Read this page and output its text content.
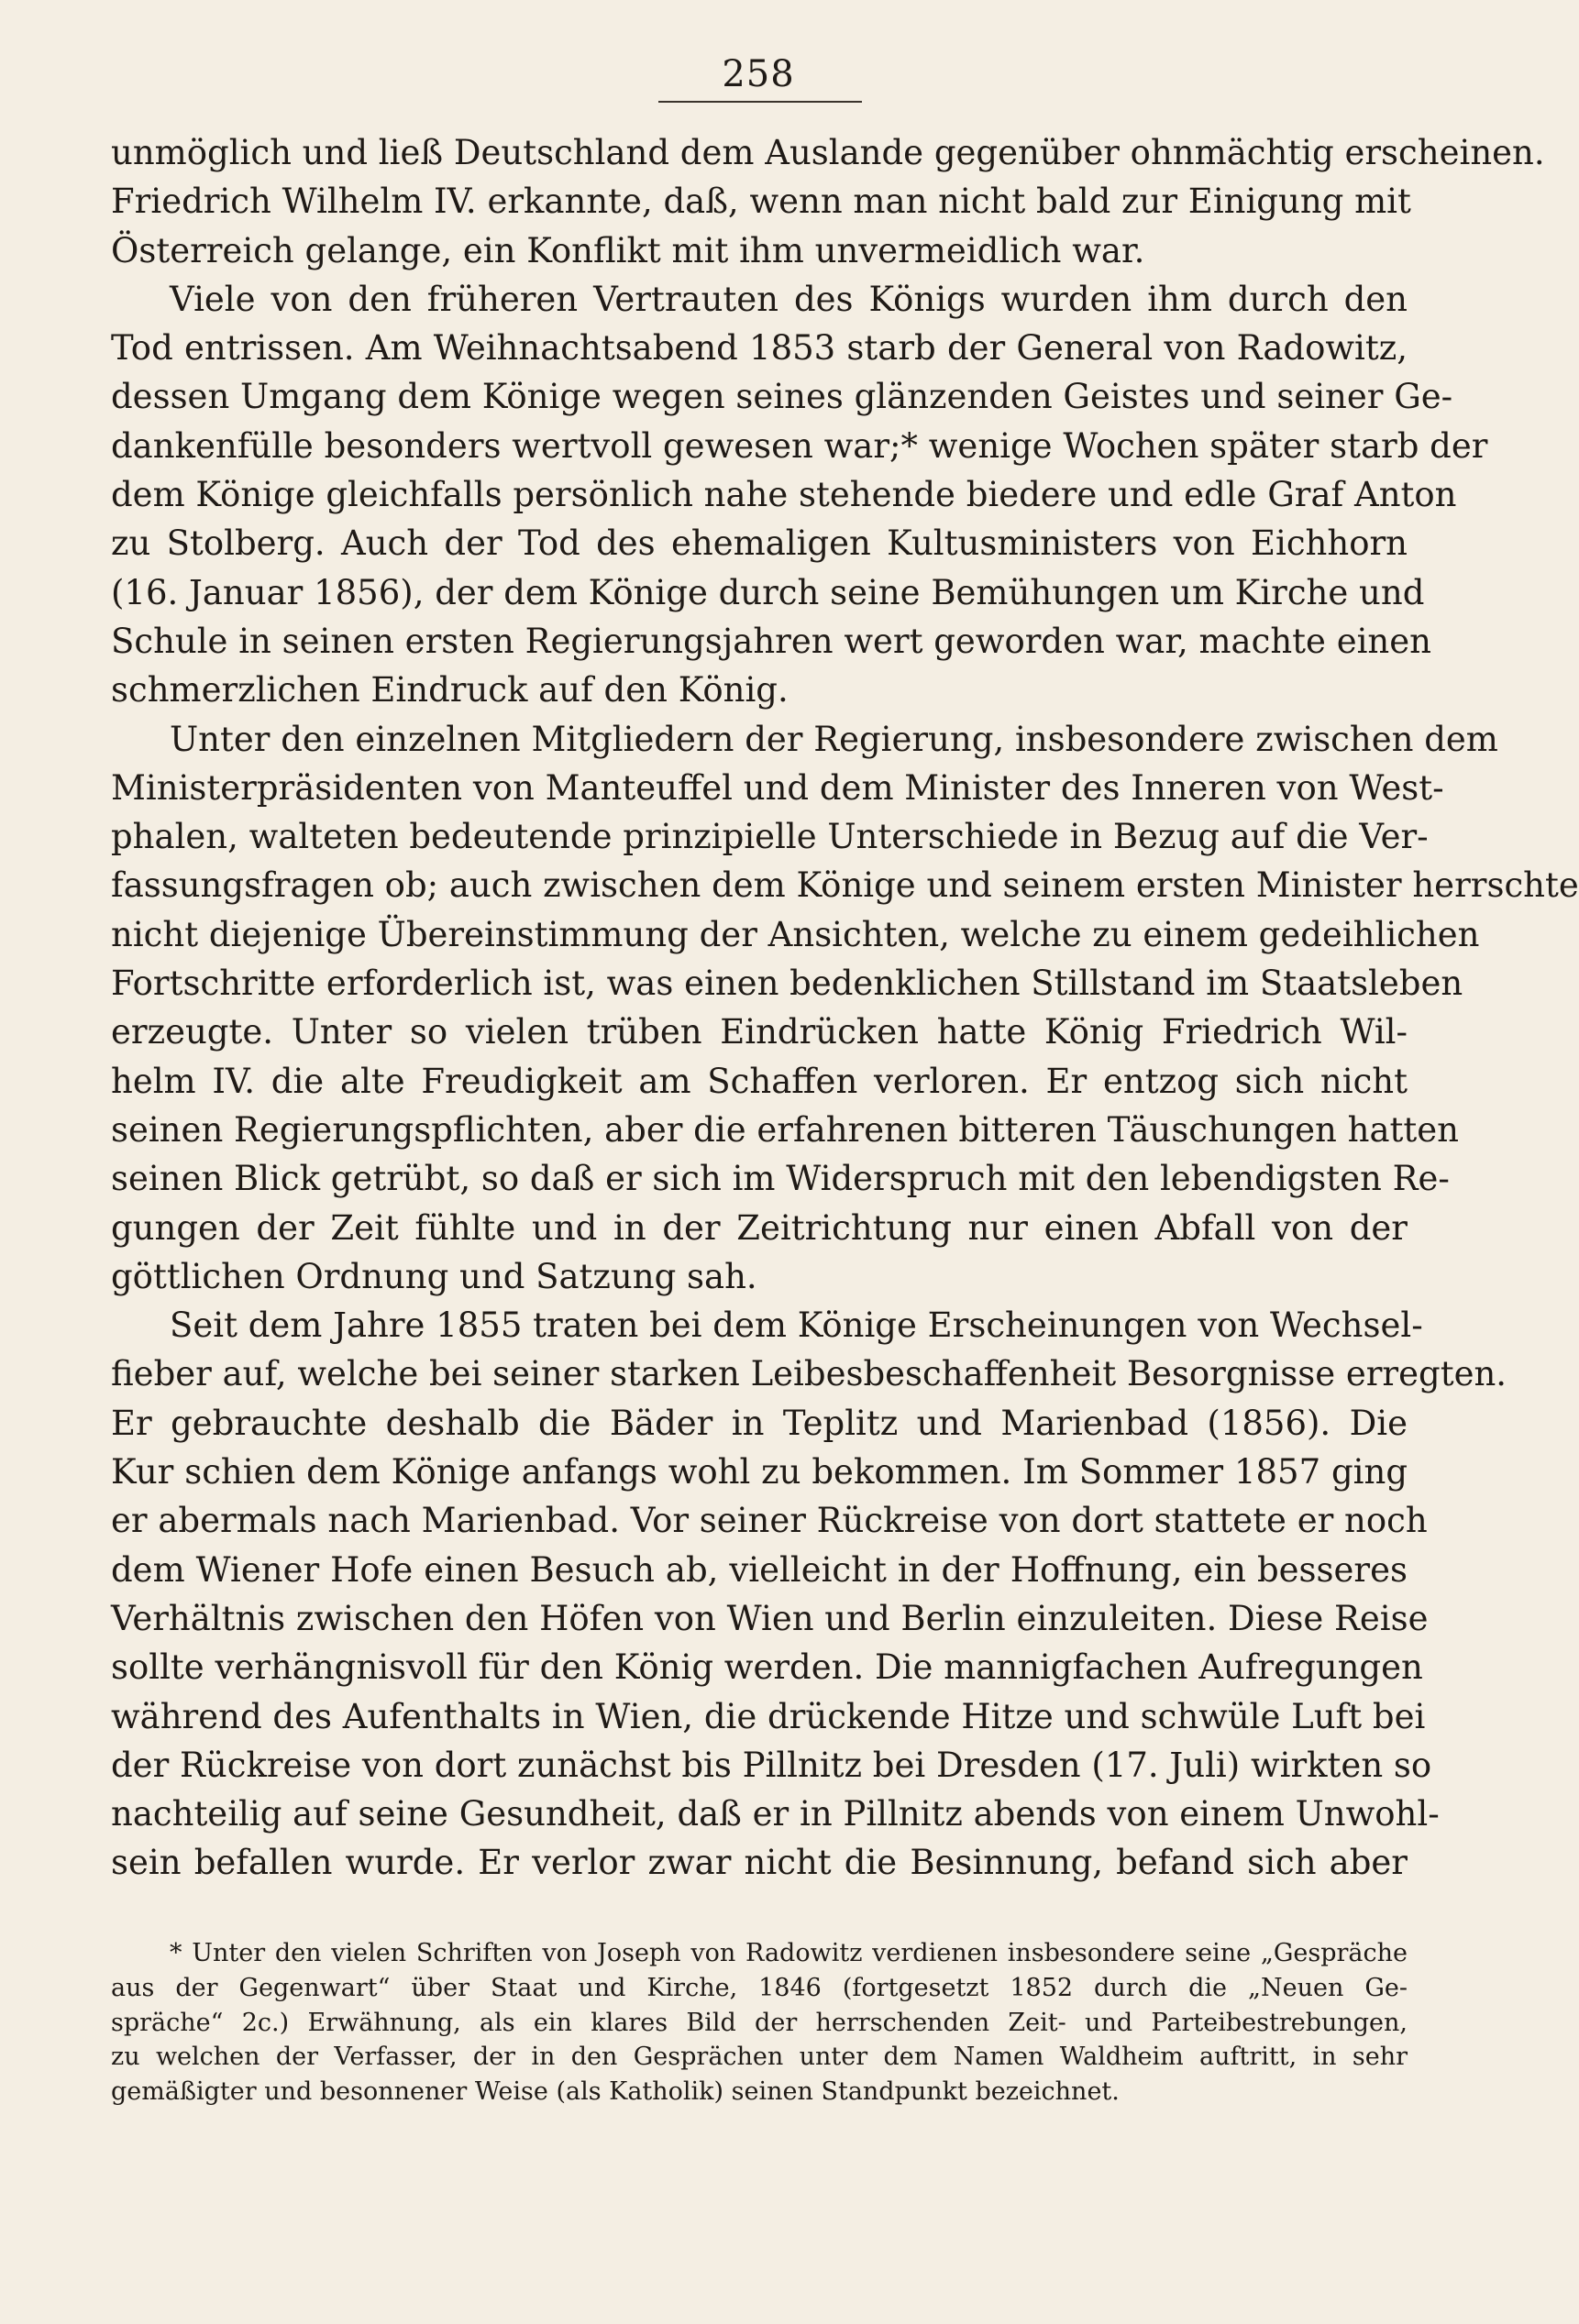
258
unmöglich und ließ Deutschland dem Auslande gegenüber ohnmächtig erscheinen.
Friedrich Wilhelm IV. erkannte, daß, wenn man nicht bald zur Einigung mit
Österreich gelange, ein Konflikt mit ihm unvermeidlich war.
Viele von den früheren Vertrauten des Königs wurden ihm durch den
Tod entrissen. Am Weihnachtsabend 1853 starb der General von Radowitz,
dessen Umgang dem Könige wegen seines glänzenden Geistes und seiner Ge-
dankenfülle besonders wertvoll gewesen war;* wenige Wochen später starb der
dem Könige gleichfalls persönlich nahe stehende biedere und edle Graf Anton
zu Stolberg. Auch der Tod des ehemaligen Kultusministers von Eichhorn
(16. Januar 1856), der dem Könige durch seine Bemühungen um Kirche und
Schule in seinen ersten Regierungsjahren wert geworden war, machte einen
schmerzlichen Eindruck auf den König.
Unter den einzelnen Mitgliedern der Regierung, insbesondere zwischen dem
Ministerpräsidenten von Manteuffel und dem Minister des Inneren von West-
phalen, walteten bedeutende prinzipielle Unterschiede in Bezug auf die Ver-
fassungsfragen ob; auch zwischen dem Könige und seinem ersten Minister herrschte
nicht diejenige Übereinstimmung der Ansichten, welche zu einem gedeihlichen
Fortschritte erforderlich ist, was einen bedenklichen Stillstand im Staatsleben
erzeugte. Unter so vielen trüben Eindrücken hatte König Friedrich Wil-
helm IV. die alte Freudigkeit am Schaffen verloren. Er entzog sich nicht
seinen Regierungspflichten, aber die erfahrenen bitteren Täuschungen hatten
seinen Blick getrübt, so daß er sich im Widerspruch mit den lebendigsten Re-
gungen der Zeit fühlte und in der Zeitrichtung nur einen Abfall von der
göttlichen Ordnung und Satzung sah.
Seit dem Jahre 1855 traten bei dem Könige Erscheinungen von Wechsel-
fieber auf, welche bei seiner starken Leibesbeschaffenheit Besorgnisse erregten.
Er gebrauchte deshalb die Bäder in Teplitz und Marienbad (1856). Die
Kur schien dem Könige anfangs wohl zu bekommen. Im Sommer 1857 ging
er abermals nach Marienbad. Vor seiner Rückreise von dort stattete er noch
dem Wiener Hofe einen Besuch ab, vielleicht in der Hoffnung, ein besseres
Verhältnis zwischen den Höfen von Wien und Berlin einzuleiten. Diese Reise
sollte verhängnisvoll für den König werden. Die mannigfachen Aufregungen
während des Aufenthalts in Wien, die drückende Hitze und schwüle Luft bei
der Rückreise von dort zunächst bis Pillnitz bei Dresden (17. Juli) wirkten so
nachteilig auf seine Gesundheit, daß er in Pillnitz abends von einem Unwohl-
sein befallen wurde. Er verlor zwar nicht die Besinnung, befand sich aber
* Unter den vielen Schriften von Joseph von Radowitz verdienen insbesondere seine „Gespräche
aus der Gegenwart“ über Staat und Kirche, 1846 (fortgesetzt 1852 durch die „Neuen Ge-
spräche“ 2c.) Erwähnung, als ein klares Bild der herrschenden Zeit- und Parteibestrebungen,
zu welchen der Verfasser, der in den Gesprächen unter dem Namen Waldheim auftritt, in sehr
gemäßigter und besonnener Weise (als Katholik) seinen Standpunkt bezeichnet.
